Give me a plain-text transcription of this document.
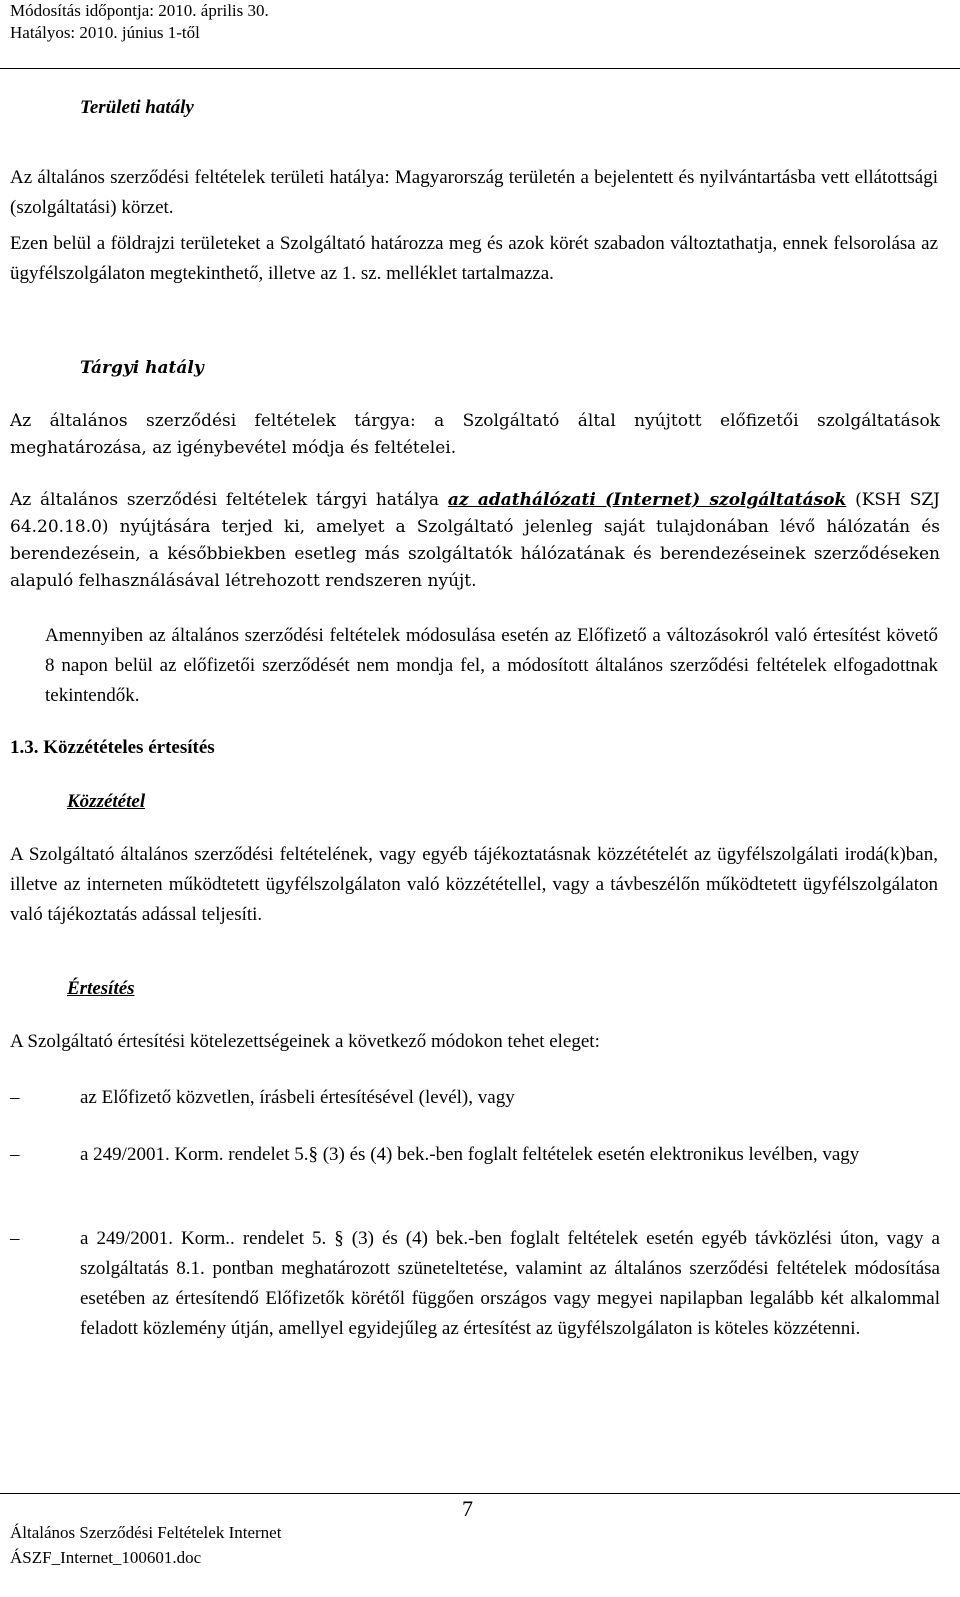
Módosítás időpontja: 2010. április 30.
Hatályos: 2010. június 1-től
Területi hatály
Az általános szerződési feltételek területi hatálya: Magyarország területén a bejelentett és nyilvántartásba vett ellátottsági (szolgáltatási) körzet.
Ezen belül a földrajzi területeket a Szolgáltató határozza meg és azok körét szabadon változtathatja, ennek felsorolása az ügyfélszolgálaton megtekinthető, illetve az 1. sz. melléklet tartalmazza.
Tárgyi hatály
Az általános szerződési feltételek tárgya: a Szolgáltató által nyújtott előfizetői szolgáltatások meghatározása, az igénybevétel módja és feltételei.
Az általános szerződési feltételek tárgyi hatálya az adathálózati (Internet) szolgáltatások (KSH SZJ 64.20.18.0) nyújtására terjed ki, amelyet a Szolgáltató jelenleg saját tulajdonában lévő hálózatán és berendezésein, a későbbiekben esetleg más szolgáltatók hálózatának és berendezéseinek szerződéseken alapuló felhasználásával létrehozott rendszeren nyújt.
Amennyiben az általános szerződési feltételek módosulása esetén az Előfizető a változásokról való értesítést követő 8 napon belül az előfizetői szerződését nem mondja fel, a módosított általános szerződési feltételek elfogadottnak tekintendők.
1.3. Közzétételes értesítés
Közzététel
A Szolgáltató általános szerződési feltételének, vagy egyéb tájékoztatásnak közzétételét az ügyfélszolgálati irodá(k)ban, illetve az interneten működtetett ügyfélszolgálaton való közzététellel, vagy a távbeszélőn működtetett ügyfélszolgálaton való tájékoztatás adással teljesíti.
Értesítés
A Szolgáltató értesítési kötelezettségeinek a következő módokon tehet eleget:
–	az Előfizető közvetlen, írásbeli értesítésével (levél), vagy
–	a 249/2001. Korm. rendelet 5.§ (3) és (4) bek.-ben foglalt feltételek esetén elektronikus levélben, vagy
–	a 249/2001. Korm.. rendelet 5. § (3) és (4) bek.-ben foglalt feltételek esetén egyéb távközlési úton, vagy a szolgáltatás 8.1. pontban meghatározott szüneteltetése, valamint az általános szerződési feltételek módosítása esetében az értesítendő Előfizetők körétől függően országos vagy megyei napilapban legalább két alkalommal feladott közlemény útján, amellyel egyidejűleg az értesítést az ügyfélszolgálaton is köteles közzétenni.
7
Általános Szerződési Feltételek Internet
ÁSZF_Internet_100601.doc
